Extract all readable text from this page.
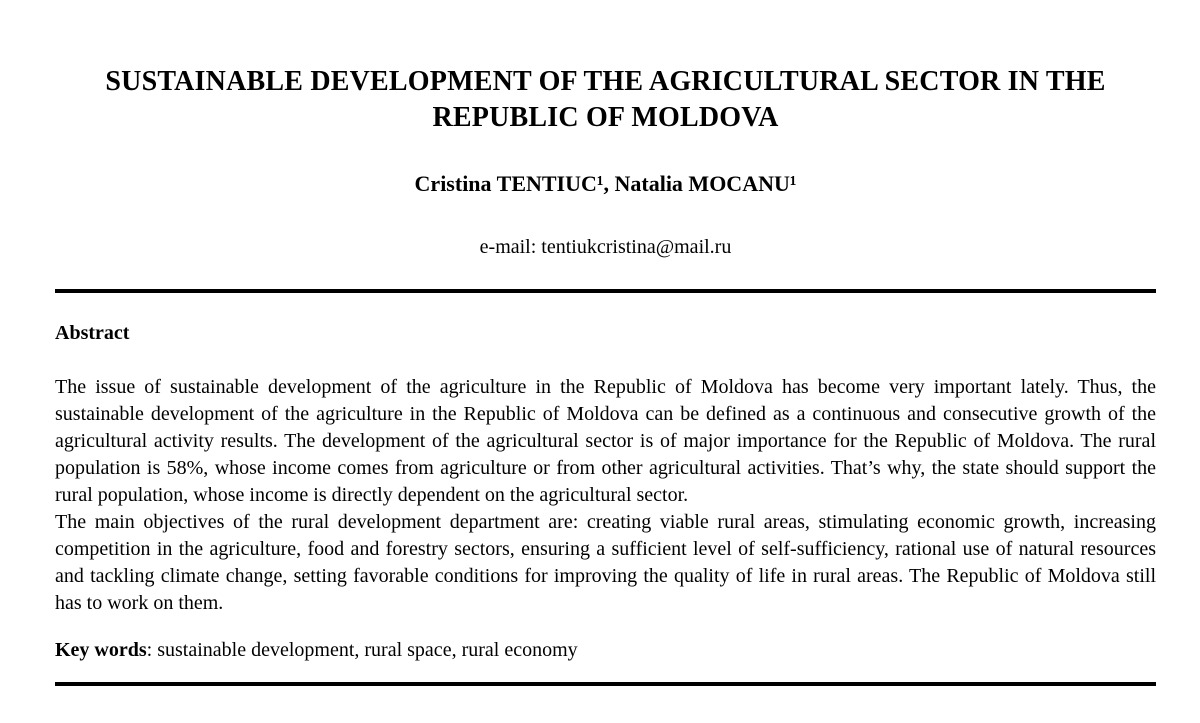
SUSTAINABLE DEVELOPMENT OF THE AGRICULTURAL SECTOR IN THE
REPUBLIC OF MOLDOVA
Cristina TENTIUC¹, Natalia MOCANU¹
e-mail: tentiukcristina@mail.ru
Abstract

The issue of sustainable development of the agriculture in the Republic of Moldova has become very important lately. Thus, the sustainable development of the agriculture in the Republic of Moldova can be defined as a continuous and consecutive growth of the agricultural activity results. The development of the agricultural sector is of major importance for the Republic of Moldova. The rural population is 58%, whose income comes from agriculture or from other agricultural activities. That’s why, the state should support the rural population, whose income is directly dependent on the agricultural sector.

The main objectives of the rural development department are: creating viable rural areas, stimulating economic growth, increasing competition in the agriculture, food and forestry sectors, ensuring a sufficient level of self-sufficiency, rational use of natural resources and tackling climate change, setting favorable conditions for improving the quality of life in rural areas. The Republic of Moldova still has to work on them.

Key words: sustainable development, rural space, rural economy
